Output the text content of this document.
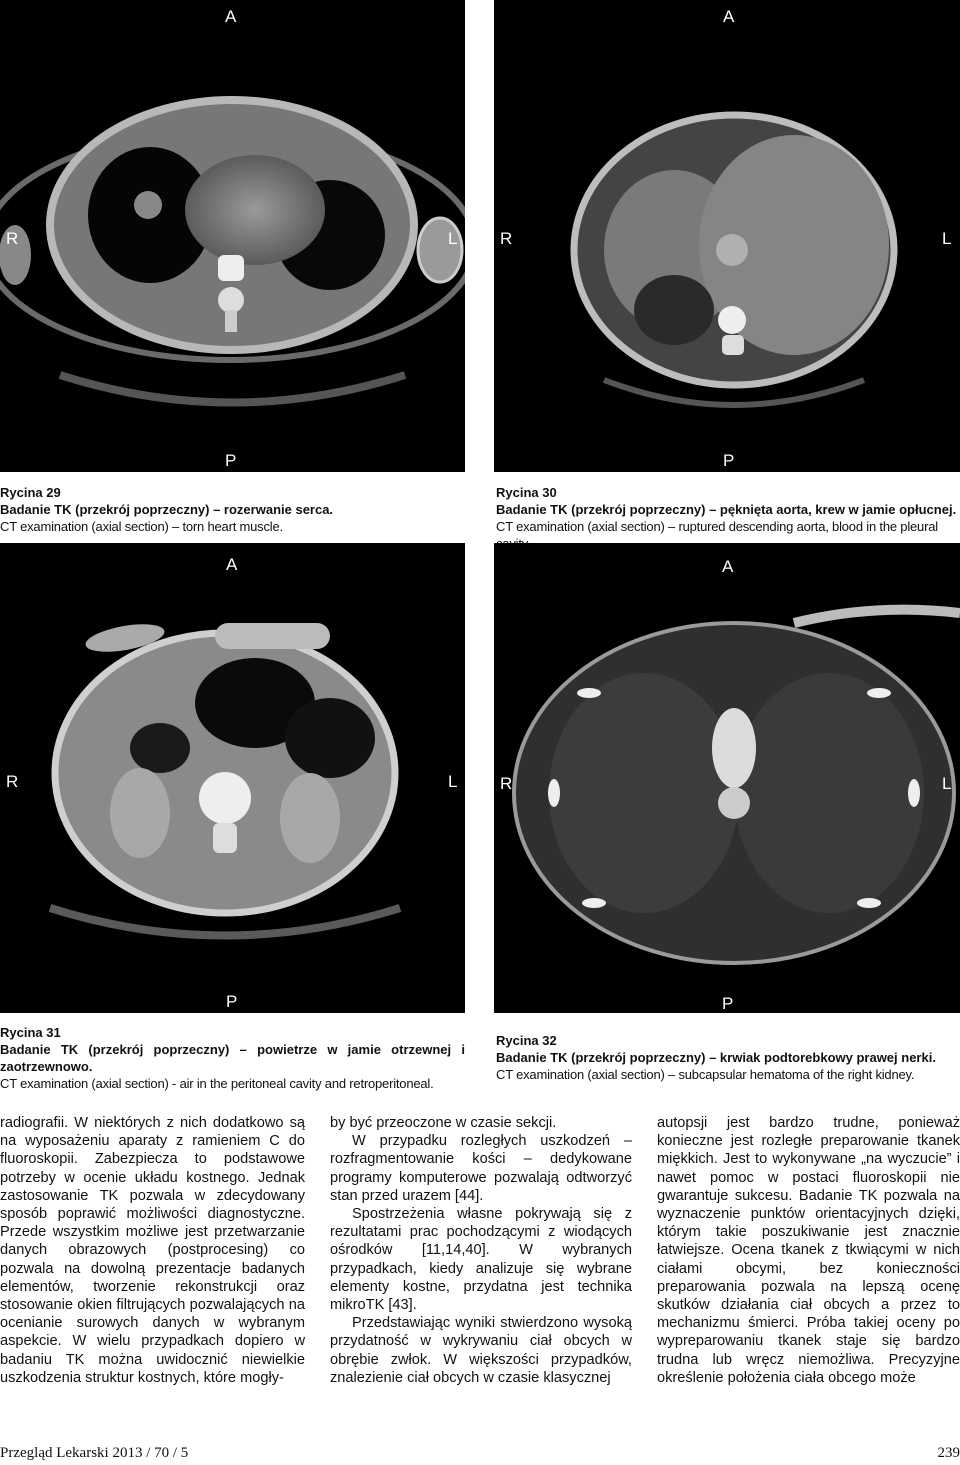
A
P
R	L
A
P
R	L
Rycina 29
Badanie TK (przekrój poprzeczny) – rozerwanie serca.
CT examination (axial section) – torn heart muscle.
Rycina 30
Badanie TK (przekrój poprzeczny) – pęknięta aorta, krew w jamie opłucnej.
CT examination (axial section) – ruptured descending aorta, blood in the pleural
A
P
R	L
A
P
R	L
Rycina 31
Badanie TK (przekrój poprzeczny) – powietrze w jamie otrzewnej i zaotrzewnowo.
CT examination (axial section) - air in the peritoneal cavity and retroperitoneal.
Rycina 32
Badanie TK (przekrój poprzeczny) – krwiak podtorebkowy prawej nerki.
CT examination (axial section) – subcapsular hematoma of the right kidney.

radiografii. W niektórych z nich dodatkowo są na wyposażeniu aparaty z ramieniem C do fluoroskopii. Zabezpiecza to podstawowe potrzeby w ocenie układu kostnego. Jednak zastosowanie TK pozwala w zdecydowany sposób poprawić możliwości diagnostyczne. Przede wszystkim możliwe jest przetwarzanie danych obrazowych (postprocesing) co pozwala na dowolną prezentacje badanych elementów, tworzenie rekonstrukcji oraz stosowanie okien filtrujących pozwalających na ocenianie surowych danych w wybranym aspekcie. W wielu przypadkach dopiero w badaniu TK można uwidocznić niewielkie uszkodzenia struktur kostnych, które mogły-

by być przeoczone w czasie sekcji.

W przypadku rozległych uszkodzeń – rozfragmentowanie kości – dedykowane programy komputerowe pozwalają odtworzyć stan przed urazem [44].

Spostrzeżenia własne pokrywają się z rezultatami prac pochodzącymi z wiodących ośrodków [11,14,40]. W wybranych przypadkach, kiedy analizuje się wybrane elementy kostne, przydatna jest technika mikroTK [43].

Przedstawiając wyniki stwierdzono wysoką przydatność w wykrywaniu ciał obcych w obrębie zwłok. W większości przypadków, znalezienie ciał obcych w czasie klasycznej

autopsji jest bardzo trudne, ponieważ konieczne jest rozległe preparowanie tkanek miękkich. Jest to wykonywane „na wyczucie” i nawet pomoc w postaci fluoroskopii nie gwarantuje sukcesu. Badanie TK pozwala na wyznaczenie punktów orientacyjnych dzięki, którym takie poszukiwanie jest znacznie łatwiejsze. Ocena tkanek z tkwiącymi w nich ciałami obcymi, bez konieczności preparowania pozwala na lepszą ocenę skutków działania ciał obcych a przez to mechanizmu śmierci. Próba takiej oceny po wypreparowaniu tkanek staje się bardzo trudna lub wręcz niemożliwa. Precyzyjne określenie położenia ciała obcego może

Przegląd Lekarski 2013 / 70 / 5	239
